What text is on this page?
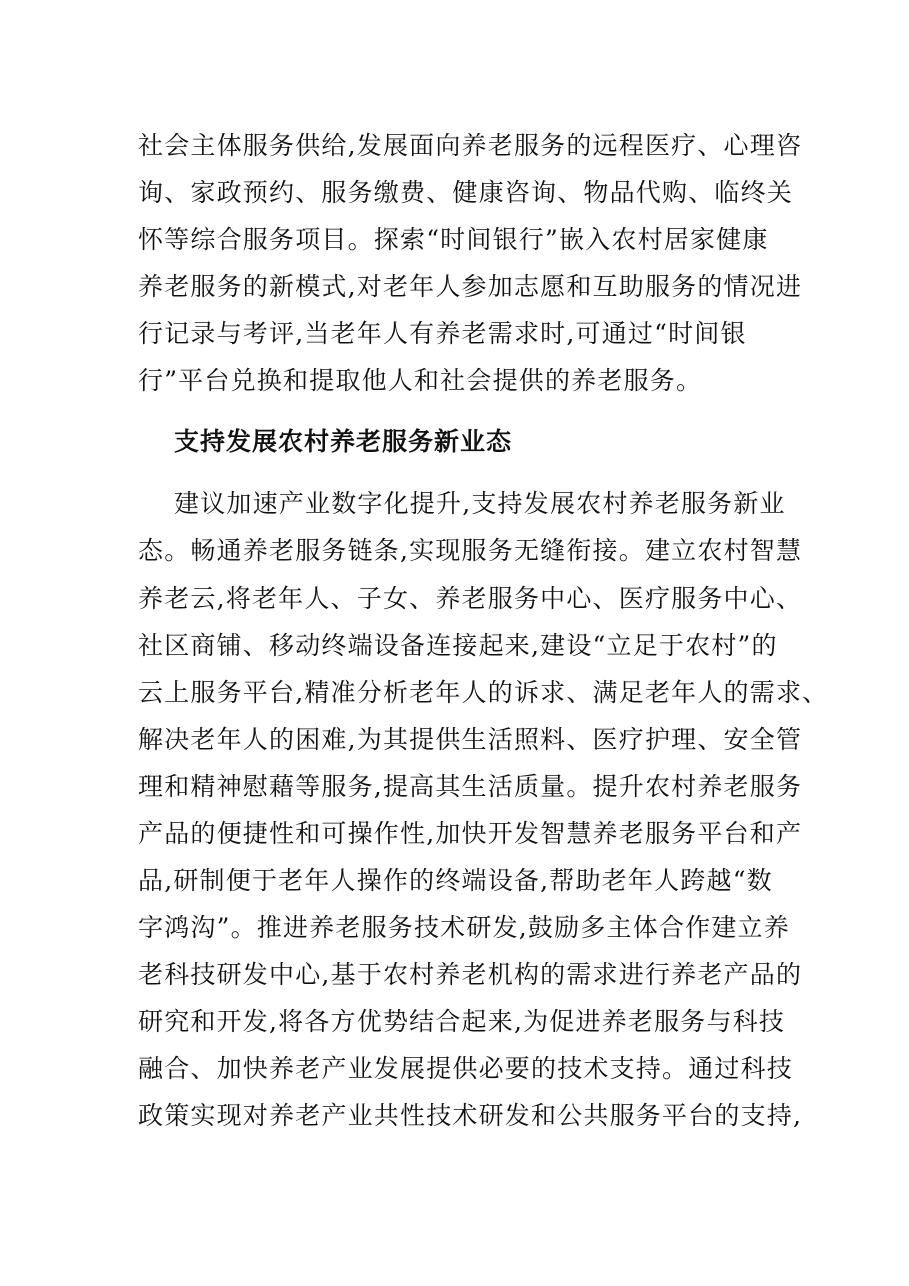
社会主体服务供给,发展面向养老服务的远程医疗、心理咨
询、家政预约、服务缴费、健康咨询、物品代购、临终关
怀等综合服务项目。探索“时间银行”嵌入农村居家健康
养老服务的新模式,对老年人参加志愿和互助服务的情况进
行记录与考评,当老年人有养老需求时,可通过“时间银
行”平台兑换和提取他人和社会提供的养老服务。
支持发展农村养老服务新业态
建议加速产业数字化提升,支持发展农村养老服务新业
态。畅通养老服务链条,实现服务无缝衔接。建立农村智慧
养老云,将老年人、子女、养老服务中心、医疗服务中心、
社区商铺、移动终端设备连接起来,建设“立足于农村”的
云上服务平台,精准分析老年人的诉求、满足老年人的需求、
解决老年人的困难,为其提供生活照料、医疗护理、安全管
理和精神慰藉等服务,提高其生活质量。提升农村养老服务
产品的便捷性和可操作性,加快开发智慧养老服务平台和产
品,研制便于老年人操作的终端设备,帮助老年人跨越“数
字鸿沟”。推进养老服务技术研发,鼓励多主体合作建立养
老科技研发中心,基于农村养老机构的需求进行养老产品的
研究和开发,将各方优势结合起来,为促进养老服务与科技
融合、加快养老产业发展提供必要的技术支持。通过科技
政策实现对养老产业共性技术研发和公共服务平台的支持,
